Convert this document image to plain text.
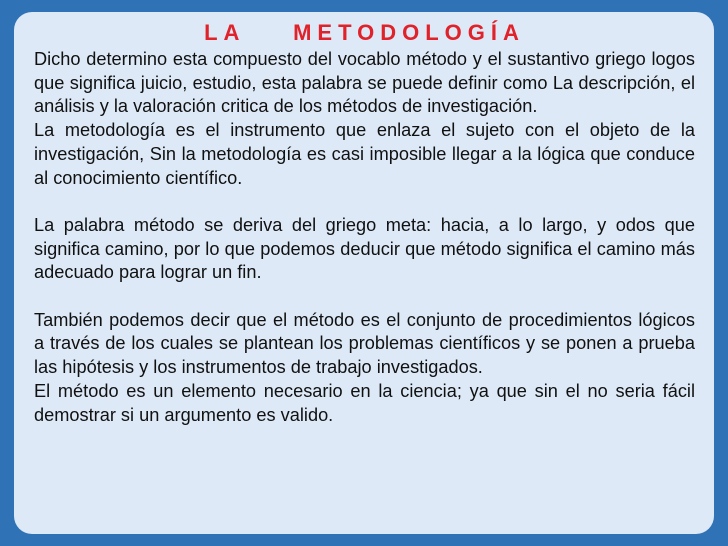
LA    METODOLOGÍA

Dicho determino esta compuesto del vocablo método y el sustantivo griego logos que significa juicio, estudio, esta palabra se puede definir como La descripción, el análisis y la valoración critica de los métodos de investigación.

La metodología es el instrumento que enlaza el sujeto con el objeto de la investigación, Sin la metodología es casi imposible llegar a la lógica que conduce al conocimiento científico.

La palabra método se deriva del griego meta: hacia, a lo largo, y odos que significa camino, por lo que podemos deducir que método significa el camino más adecuado para lograr un fin.

También podemos decir que el método es el conjunto de procedimientos lógicos a través de los cuales se plantean los problemas científicos y se ponen a prueba las hipótesis y los instrumentos de trabajo investigados.

El método es un elemento necesario en la ciencia; ya que sin el no seria fácil demostrar si un argumento es valido.
